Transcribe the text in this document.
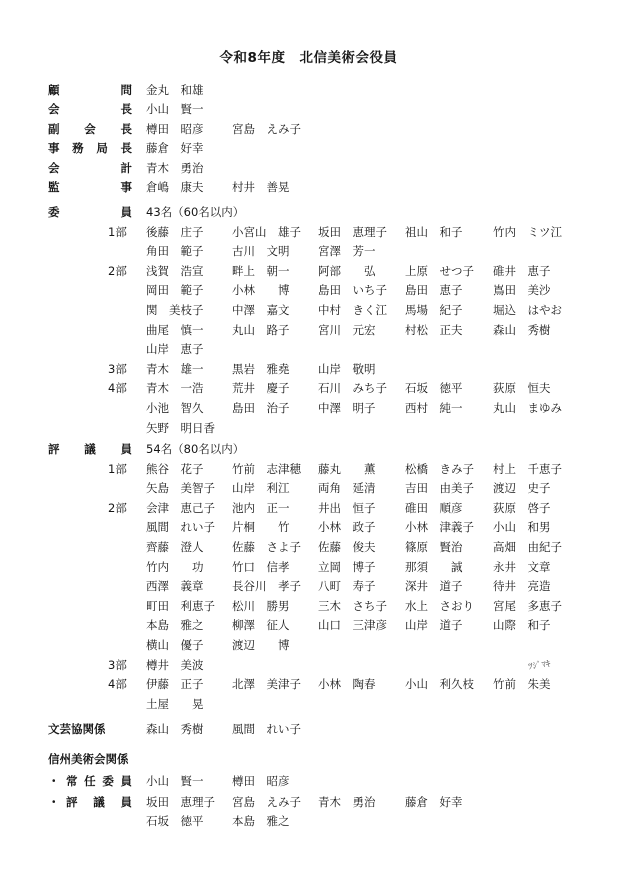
令和8年度　北信美術会役員
顧	問 金丸　和雄
会	長 小山　賢一
副 会 長 樽田　昭彦 宮島　えみ子
事 務 局 長 藤倉　好幸
会	計 青木　勇治
監	事 倉嶋　康夫 村井　善晃
委	員 43名（60名以内）
1部 後藤　庄子 小宮山　雄子 坂田　恵理子 祖山　和子	竹内　ミツ江
角田　範子 古川　文明 宮澤　芳一
2部 浅賀　浩宣 畔上　朝一 阿部　　弘	上原　せつ子 碓井　恵子
岡田　範子 小林　　博 島田　いち子 島田　恵子	嶌田　美沙
関　美枝子 中澤　嘉文 中村　きく江 馬場　紀子	堀込　はやお
曲尾　慎一 丸山　路子 宮川　元宏	村松　正夫	森山　秀樹
山岸　恵子
3部 青木　雄一 黒岩　雅堯 山岸　敬明
4部 青木　一浩 荒井　慶子 石川　みち子 石坂　徳平	荻原　恒夫
小池　智久 島田　治子 中澤　明子	西村　純一	丸山　まゆみ
矢野　明日香
評 議 員 54名（80名以内）
1部 熊谷　花子 竹前　志津穂 藤丸　　薫	松橋　きみ子 村上　千恵子
矢島　美智子 山岸　利江 両角　延清	吉田　由美子 渡辺　史子
2部 会津　恵己子 池内　正一 井出　恒子	碓田　順彦	荻原　啓子
風間　れい子 片桐　　竹 小林　政子	小林　津義子 小山　和男
齊藤　澄人 佐藤　さよ子 佐藤　俊夫	篠原　賢治	高畑　由紀子
竹内　　功 竹口　信孝 立岡　博子	那須　　誠	永井　文章
西澤　義章 長谷川　孝子 八町　寿子	深井　道子	待井　亮造
町田　利恵子 松川　勝男 三木　さち子 水上　さおり 宮尾　多恵子
本島　雅之 柳澤　征人 山口　三津彦 山岸　道子	山際　和子
横山　優子 渡辺　　博
3部 樽井　美波
4部 伊藤　正子 北澤　美津子 小林　陶春	小山　利久枝 竹前　朱美
土屋　　晃
文芸協関係	森山　秀樹 風間　れい子
信州美術会関係
・ 常 任 委 員 小山　賢一 樽田　昭彦
・ 評 議 員 坂田　恵理子 宮島　えみ子 青木　勇治	藤倉　好幸
石坂　徳平 本島　雅之
ﾂｼﾞﾏｷ
